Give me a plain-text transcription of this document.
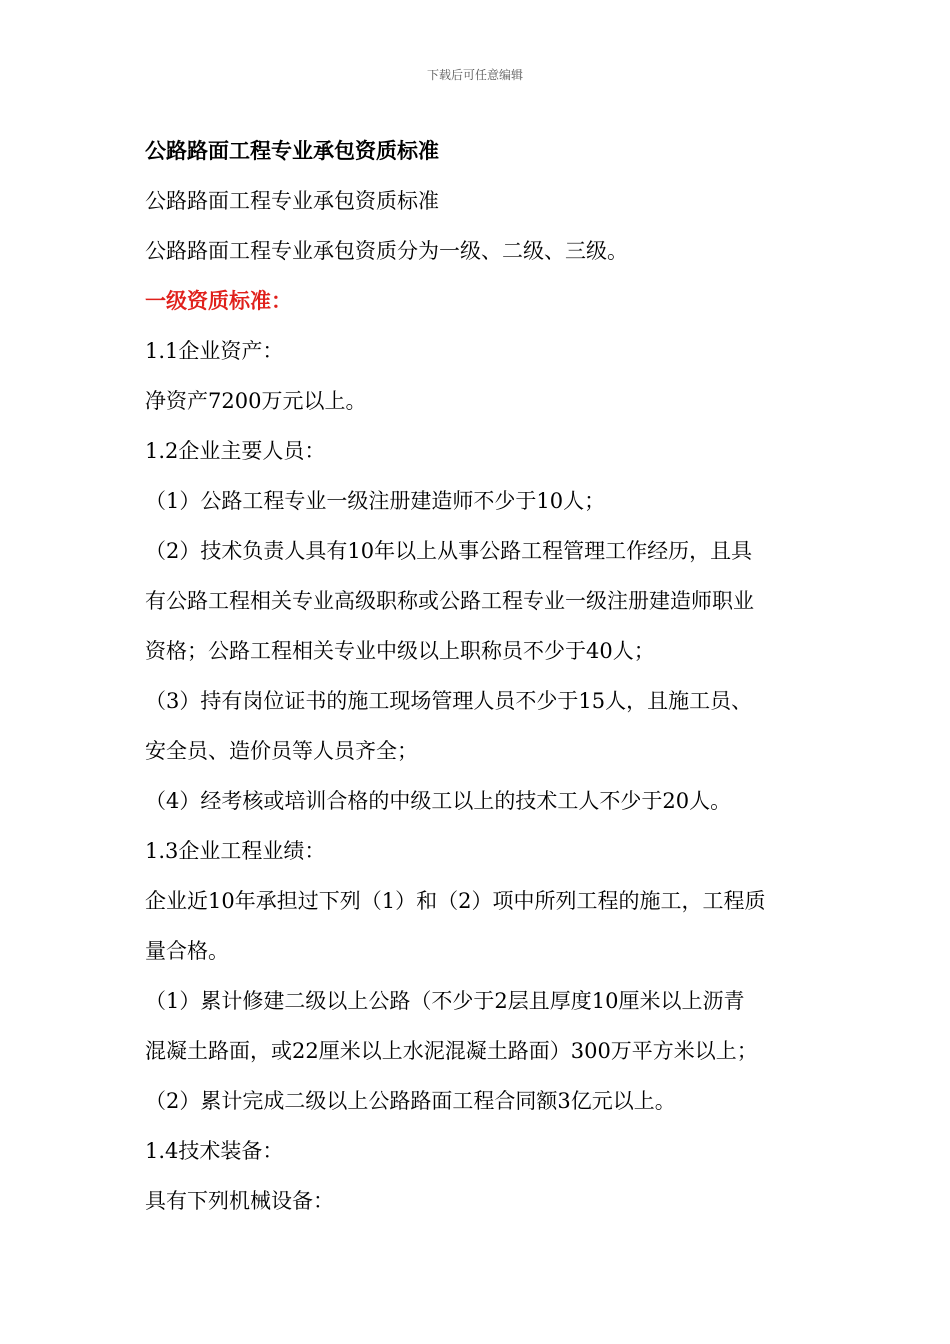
下载后可任意编辑
公路路面工程专业承包资质标准
公路路面工程专业承包资质标准
公路路面工程专业承包资质分为一级、二级、三级。
一级资质标准：
1.1企业资产：
净资产7200万元以上。
1.2企业主要人员：
（1）公路工程专业一级注册建造师不少于10人；
（2）技术负责人具有10年以上从事公路工程管理工作经历，且具
有公路工程相关专业高级职称或公路工程专业一级注册建造师职业
资格；公路工程相关专业中级以上职称员不少于40人；
（3）持有岗位证书的施工现场管理人员不少于15人，且施工员、
安全员、造价员等人员齐全；
（4）经考核或培训合格的中级工以上的技术工人不少于20人。
1.3企业工程业绩：
企业近10年承担过下列（1）和（2）项中所列工程的施工，工程质
量合格。
（1）累计修建二级以上公路（不少于2层且厚度10厘米以上沥青
混凝土路面，或22厘米以上水泥混凝土路面）300万平方米以上；
（2）累计完成二级以上公路路面工程合同额3亿元以上。
1.4技术装备：
具有下列机械设备：
